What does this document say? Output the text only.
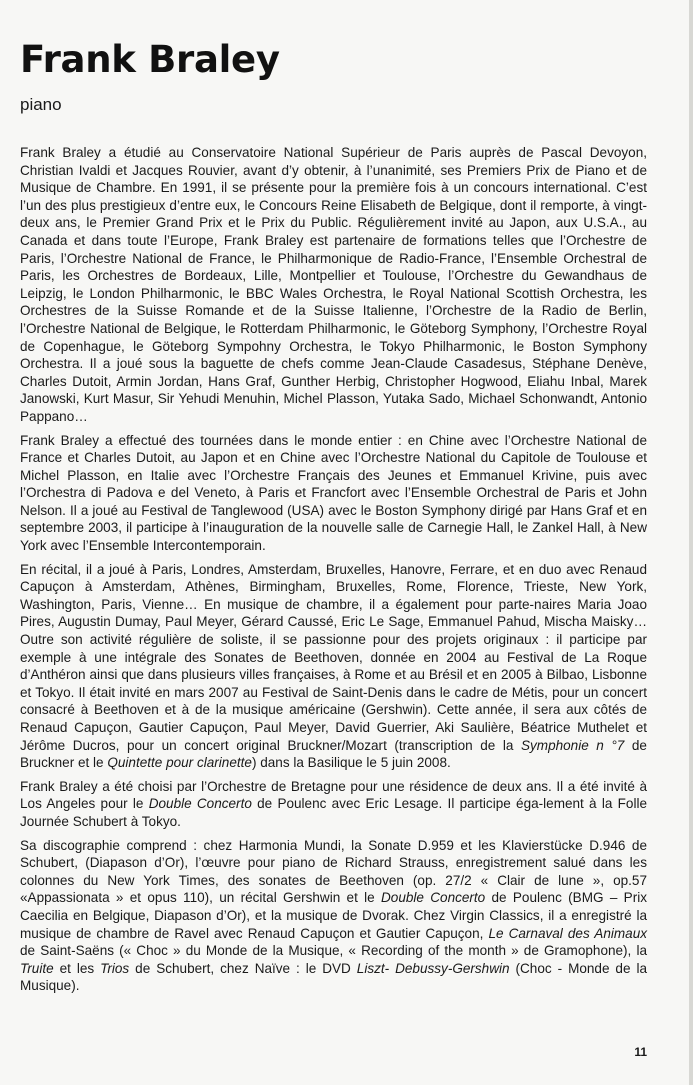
Frank Braley
piano

Frank Braley a étudié au Conservatoire National Supérieur de Paris auprès de Pascal Devoyon, Christian Ivaldi et Jacques Rouvier, avant d’y obtenir, à l’unanimité, ses Premiers Prix de Piano et de Musique de Chambre. En 1991, il se présente pour la première fois à un concours international. C’est l’un des plus prestigieux d’entre eux, le Concours Reine Elisabeth de Belgique, dont il remporte, à vingt-deux ans, le Premier Grand Prix et le Prix du Public. Régulièrement invité au Japon, aux U.S.A., au Canada et dans toute l’Europe, Frank Braley est partenaire de formations telles que l’Orchestre de Paris, l’Orchestre National de France, le Philharmonique de Radio-France, l’Ensemble Orchestral de Paris, les Orchestres de Bordeaux, Lille, Montpellier et Toulouse, l’Orchestre du Gewandhaus de Leipzig, le London Philharmonic, le BBC Wales Orchestra, le Royal National Scottish Orchestra, les Orchestres de la Suisse Romande et de la Suisse Italienne, l’Orchestre de la Radio de Berlin, l’Orchestre National de Belgique, le Rotterdam Philharmonic, le Göteborg Symphony, l’Orchestre Royal de Copenhague, le Göteborg Sympohny Orchestra, le Tokyo Philharmonic, le Boston Symphony Orchestra. Il a joué sous la baguette de chefs comme Jean-Claude Casadesus, Stéphane Denève, Charles Dutoit, Armin Jordan, Hans Graf, Gunther Herbig, Christopher Hogwood, Eliahu Inbal, Marek Janowski, Kurt Masur, Sir Yehudi Menuhin, Michel Plasson, Yutaka Sado, Michael Schonwandt, Antonio Pappano…

Frank Braley a effectué des tournées dans le monde entier : en Chine avec l’Orchestre National de France et Charles Dutoit, au Japon et en Chine avec l’Orchestre National du Capitole de Toulouse et Michel Plasson, en Italie avec l’Orchestre Français des Jeunes et Emmanuel Krivine, puis avec l’Orchestra di Padova e del Veneto, à Paris et Francfort avec l’Ensemble Orchestral de Paris et John Nelson. Il a joué au Festival de Tanglewood (USA) avec le Boston Symphony dirigé par Hans Graf et en septembre 2003, il participe à l’inauguration de la nouvelle salle de Carnegie Hall, le Zankel Hall, à New York avec l’Ensemble Intercontemporain.

En récital, il a joué à Paris, Londres, Amsterdam, Bruxelles, Hanovre, Ferrare, et en duo avec Renaud Capuçon à Amsterdam, Athènes, Birmingham, Bruxelles, Rome, Florence, Trieste, New York, Washington, Paris, Vienne… En musique de chambre, il a également pour parte-naires Maria Joao Pires, Augustin Dumay, Paul Meyer, Gérard Caussé, Eric Le Sage, Emmanuel Pahud, Mischa Maisky… Outre son activité régulière de soliste, il se passionne pour des projets originaux : il participe par exemple à une intégrale des Sonates de Beethoven, donnée en 2004 au Festival de La Roque d’Anthéron ainsi que dans plusieurs villes françaises, à Rome et au Brésil et en 2005 à Bilbao, Lisbonne et Tokyo. Il était invité en mars 2007 au Festival de Saint-Denis dans le cadre de Métis, pour un concert consacré à Beethoven et à de la musique américaine (Gershwin). Cette année, il sera aux côtés de Renaud Capuçon, Gautier Capuçon, Paul Meyer, David Guerrier, Aki Saulière, Béatrice Muthelet et Jérôme Ducros, pour un concert original Bruckner/Mozart (transcription de la Symphonie n °7 de Bruckner et le Quintette pour clarinette) dans la Basilique le 5 juin 2008.

Frank Braley a été choisi par l’Orchestre de Bretagne pour une résidence de deux ans. Il a été invité à Los Angeles pour le Double Concerto de Poulenc avec Eric Lesage. Il participe éga-lement à la Folle Journée Schubert à Tokyo.

Sa discographie comprend : chez Harmonia Mundi, la Sonate D.959 et les Klavierstücke D.946 de Schubert, (Diapason d’Or), l’œuvre pour piano de Richard Strauss, enregistrement salué dans les colonnes du New York Times, des sonates de Beethoven (op. 27/2 « Clair de lune », op.57 «Appassionata » et opus 110), un récital Gershwin et le Double Concerto de Poulenc (BMG – Prix Caecilia en Belgique, Diapason d’Or), et la musique de Dvorak. Chez Virgin Classics, il a enregistré la musique de chambre de Ravel avec Renaud Capuçon et Gautier Capuçon, Le Carnaval des Animaux de Saint-Saëns (« Choc » du Monde de la Musique, « Recording of the month » de Gramophone), la Truite et les Trios de Schubert, chez Naïve : le DVD Liszt- Debussy-Gershwin (Choc - Monde de la Musique).

11
